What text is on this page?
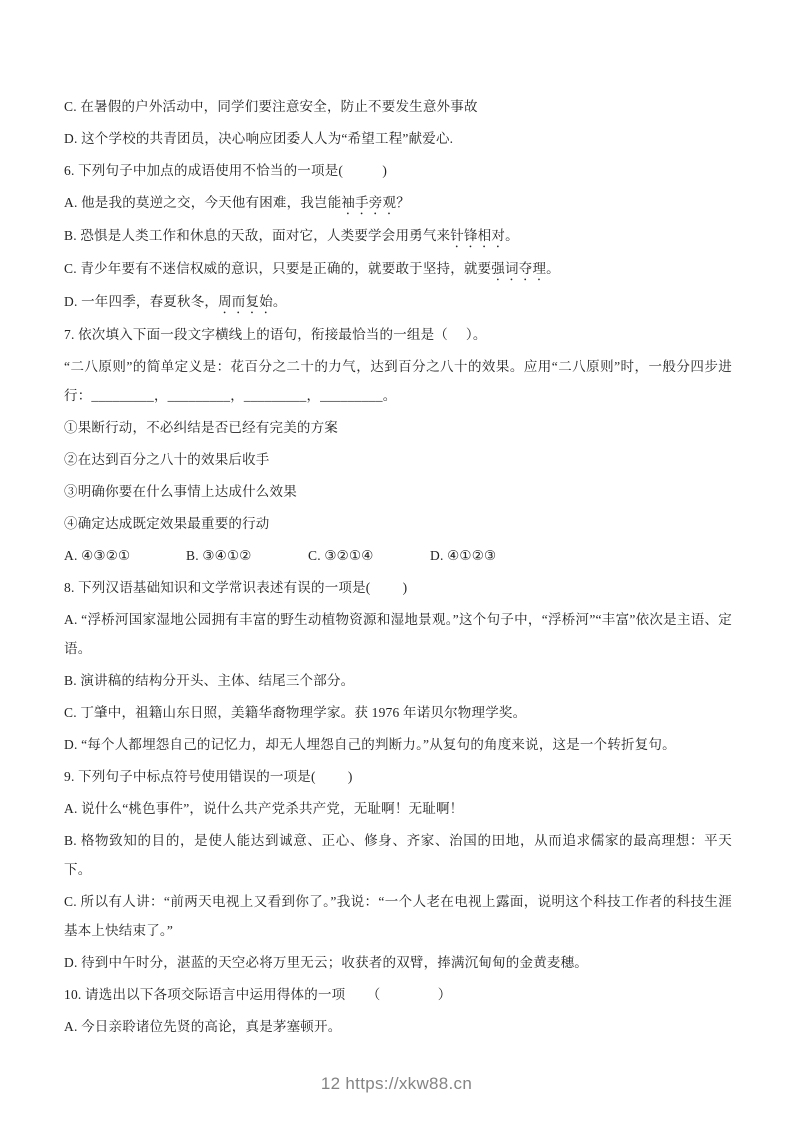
C. 在暑假的户外活动中，同学们要注意安全，防止不要发生意外事故

D. 这个学校的共青团员，决心响应团委人人为“希望工程”献爱心.

6. 下列句子中加点的成语使用不恰当的一项是(           )

A. 他是我的莫逆之交，今天他有困难，我岂能袖手旁观？

B. 恐惧是人类工作和休息的天敌，面对它，人类要学会用勇气来针锋相对。

C. 青少年要有不迷信权威的意识，只要是正确的，就要敢于坚持，就要强词夺理。

D. 一年四季，春夏秋冬，周而复始。

7. 依次填入下面一段文字横线上的语句，衔接最恰当的一组是（     ）。

“二八原则”的简单定义是：花百分之二十的力气，达到百分之八十的效果。应用“二八原则”时，一般分四步进行：_________，_________，_________，_________。

①果断行动，不必纠结是否已经有完美的方案

②在达到百分之八十的效果后收手

③明确你要在什么事情上达成什么效果

④确定达成既定效果最重要的行动

A. ④③②①	B. ③④①②	C. ③②①④	D. ④①②③

8. 下列汉语基础知识和文学常识表述有误的一项是(         )

A. “浮桥河国家湿地公园拥有丰富的野生动植物资源和湿地景观。”这个句子中，“浮桥河”“丰富”依次是主语、定语。

B. 演讲稿的结构分开头、主体、结尾三个部分。

C. 丁肇中，祖籍山东日照，美籍华裔物理学家。获 1976 年诺贝尔物理学奖。

D. “每个人都埋怨自己的记忆力，却无人埋怨自己的判断力。”从复句的角度来说，这是一个转折复句。

9. 下列句子中标点符号使用错误的一项是(         )

A. 说什么“桃色事件”，说什么共产党杀共产党，无耻啊！无耻啊！

B. 格物致知的目的，是使人能达到诚意、正心、修身、齐家、治国的田地，从而追求儒家的最高理想：平天下。

C. 所以有人讲：“前两天电视上又看到你了。”我说：“一个人老在电视上露面，说明这个科技工作者的科技生涯基本上快结束了。”

D. 待到中午时分，湛蓝的天空必将万里无云；收获者的双臂，捧满沉甸甸的金黄麦穗。

10. 请选出以下各项交际语言中运用得体的一项      （                ）

A. 今日亲聆诸位先贤的高论，真是茅塞顿开。

12 https://xkw88.cn
